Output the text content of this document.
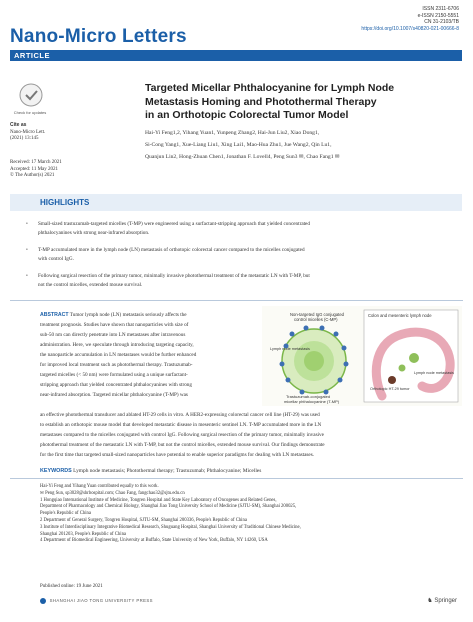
Nano-Micro Letters
ISSN 2311-6706
e-ISSN 2150-5551
CN 31-2103/TB
https://doi.org/10.1007/s40820-021-00666-8
ARTICLE
Check for updates
Cite as
Nano-Micro Lett.
(2021) 13:145
Received: 17 March 2021
Accepted: 11 May 2021
© The Author(s) 2021
Targeted Micellar Phthalocyanine for Lymph Node
Metastasis Homing and Photothermal Therapy
in an Orthotopic Colorectal Tumor Model
Hai-Yi Feng1,2, Yihang Yuan1, Yunpeng Zhang2, Hai-Jun Liu2, Xiao Dong1,
Si-Cong Yang1, Xue-Liang Liu1, Xing Lai1, Mao-Hua Zhu1, Jue Wang2, Qin Lu1,
Quanjun Lin2, Hong-Zhuan Chen1, Jonathan F. Lovell4, Peng Sun3 ✉, Chao Fang1 ✉
HIGHLIGHTS
• Small-sized trastuzumab-targeted micelles (T-MP) were engineered using a surfactant-stripping approach that yielded concentrated
phthalocyanines with strong near-infrared absorption.
• T-MP accumulated more in the lymph node (LN) metastasis of orthotopic colorectal cancer compared to the micelles conjugated
with control IgG.
• Following surgical resection of the primary tumor, minimally invasive photothermal treatment of the metastatic LN with T-MP, but
not the control micelles, extended mouse survival.
ABSTRACT Tumor lymph node (LN) metastasis seriously affects the
treatment prognosis. Studies have shown that nanoparticles with size of
sub-50 nm can directly penetrate into LN metastases after intravenous
administration. Here, we speculate through introducing targeting capacity,
the nanoparticle accumulation in LN metastases would be further enhanced
for improved local treatment such as photothermal therapy. Trastuzumab-
targeted micelles (< 50 nm) were formulated using a unique surfactant-
stripping approach that yielded concentrated phthalocyanines with strong
near-infrared absorption. Targeted micellar phthalocyanine (T-MP) was
Non-targeted IgG conjugated
control micelles (C-MP)
Lymph node metastasis
Trastuzumab-conjugated
micellar phthalocyanine (T-MP)
Colon and mesenteric lymph node
Lymph node metastasis
Orthotopic HT-29 tumor
an effective photothermal transducer and ablated HT-29 cells in vitro. A HER2-expressing colorectal cancer cell line (HT-29) was used
to establish an orthotopic mouse model that developed metastatic disease in mesenteric sentinel LN. T-MP accumulated more in the LN
metastases compared to the micelles conjugated with control IgG. Following surgical resection of the primary tumor, minimally invasive
photothermal treatment of the metastatic LN with T-MP, but not the control micelles, extended mouse survival. Our findings demonstrate
for the first time that targeted small-sized nanoparticles have potential to enable superior paradigms for dealing with LN metastases.
KEYWORDS Lymph node metastasis; Photothermal therapy; Trastuzumab; Phthalocyanine; Micelles

Hai-Yi Feng and Yihang Yuan contributed equally to this work.

✉ Peng Sun, sp3028@shrbospital.com; Chao Fang, fangchao32@sjtu.edu.cn

1 Hongqiao International Institute of Medicine, Tongren Hospital and State Key Laboratory of Oncogenes and Related Genes,

Department of Pharmacology and Chemical Biology, Shanghai Jiao Tong University School of Medicine (SJTU-SM), Shanghai 200025,

People's Republic of China

2 Department of General Surgery, Tongren Hospital, SJTU-SM, Shanghai 200336, People's Republic of China

3 Institute of Interdisciplinary Integrative Biomedical Research, Shuguang Hospital, Shanghai University of Traditional Chinese Medicine,

Shanghai 201203, People's Republic of China

4 Department of Biomedical Engineering, University at Buffalo, State University of New York, Buffalo, NY 14260, USA

Published online: 19 June 2021
SHANGHAI JIAO TONG UNIVERSITY PRESS	♞ Springer
